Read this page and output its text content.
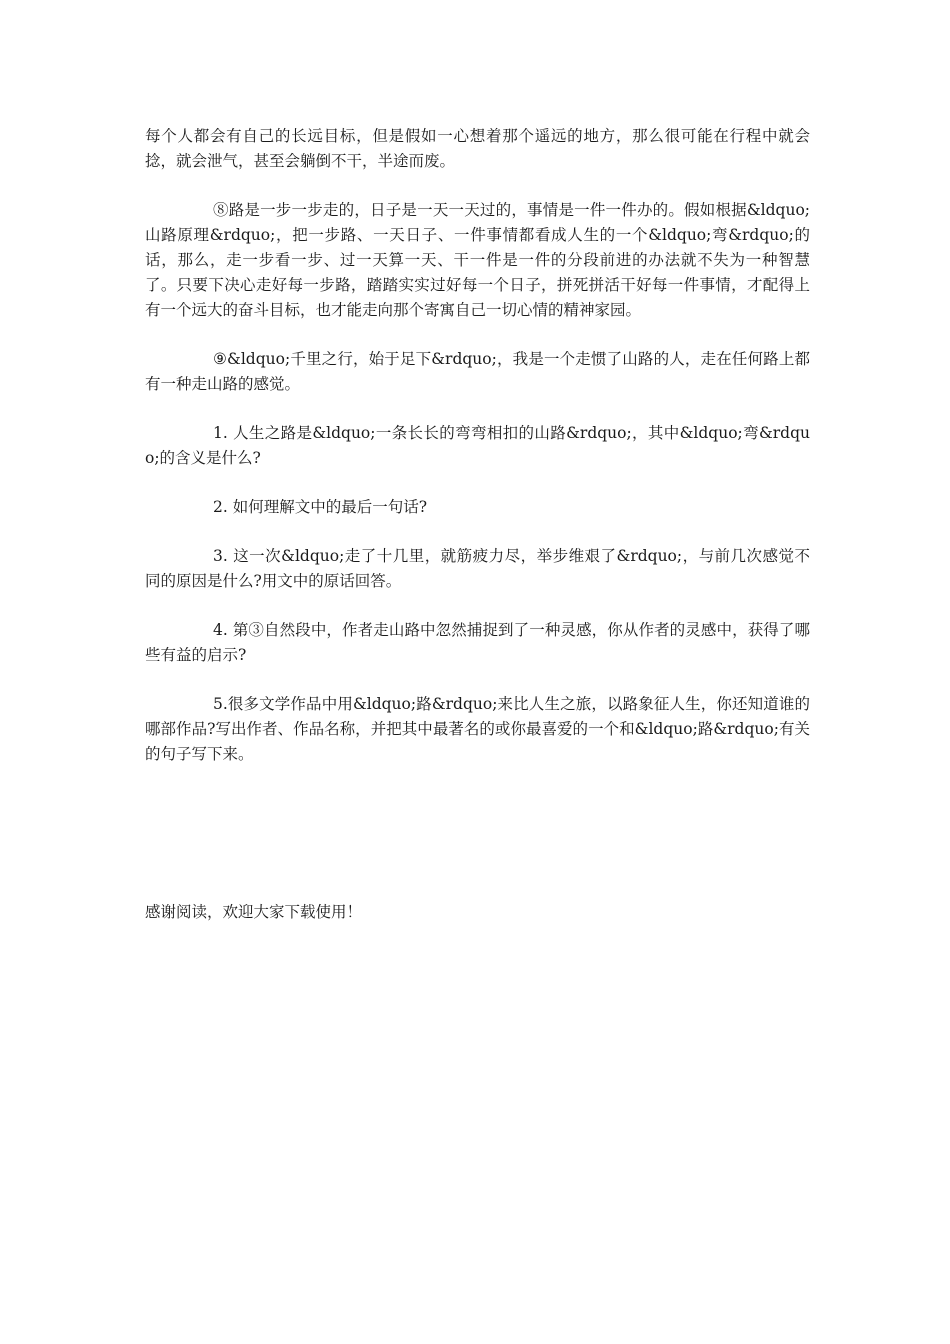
每个人都会有自己的长远目标，但是假如一心想着那个遥远的地方，那么很可能在行程中就会捻，就会泄气，甚至会躺倒不干，半途而废。

⑧路是一步一步走的，日子是一天一天过的，事情是一件一件办的。假如根据&ldquo;山路原理&rdquo;，把一步路、一天日子、一件事情都看成人生的一个&ldquo;弯&rdquo;的话，那么，走一步看一步、过一天算一天、干一件是一件的分段前进的办法就不失为一种智慧了。只要下决心走好每一步路，踏踏实实过好每一个日子，拼死拼活干好每一件事情，才配得上有一个远大的奋斗目标，也才能走向那个寄寓自己一切心情的精神家园。

⑨&ldquo;千里之行，始于足下&rdquo;，我是一个走惯了山路的人，走在任何路上都有一种走山路的感觉。

1. 人生之路是&ldquo;一条长长的弯弯相扣的山路&rdquo;，其中&ldquo;弯&rdquo;的含义是什么?

2. 如何理解文中的最后一句话?

3. 这一次&ldquo;走了十几里，就筋疲力尽，举步维艰了&rdquo;，与前几次感觉不同的原因是什么?用文中的原话回答。

4. 第③自然段中，作者走山路中忽然捕捉到了一种灵感，你从作者的灵感中，获得了哪些有益的启示?

5.很多文学作品中用&ldquo;路&rdquo;来比人生之旅，以路象征人生，你还知道谁的哪部作品?写出作者、作品名称，并把其中最著名的或你最喜爱的一个和&ldquo;路&rdquo;有关的句子写下来。

感谢阅读，欢迎大家下载使用！
